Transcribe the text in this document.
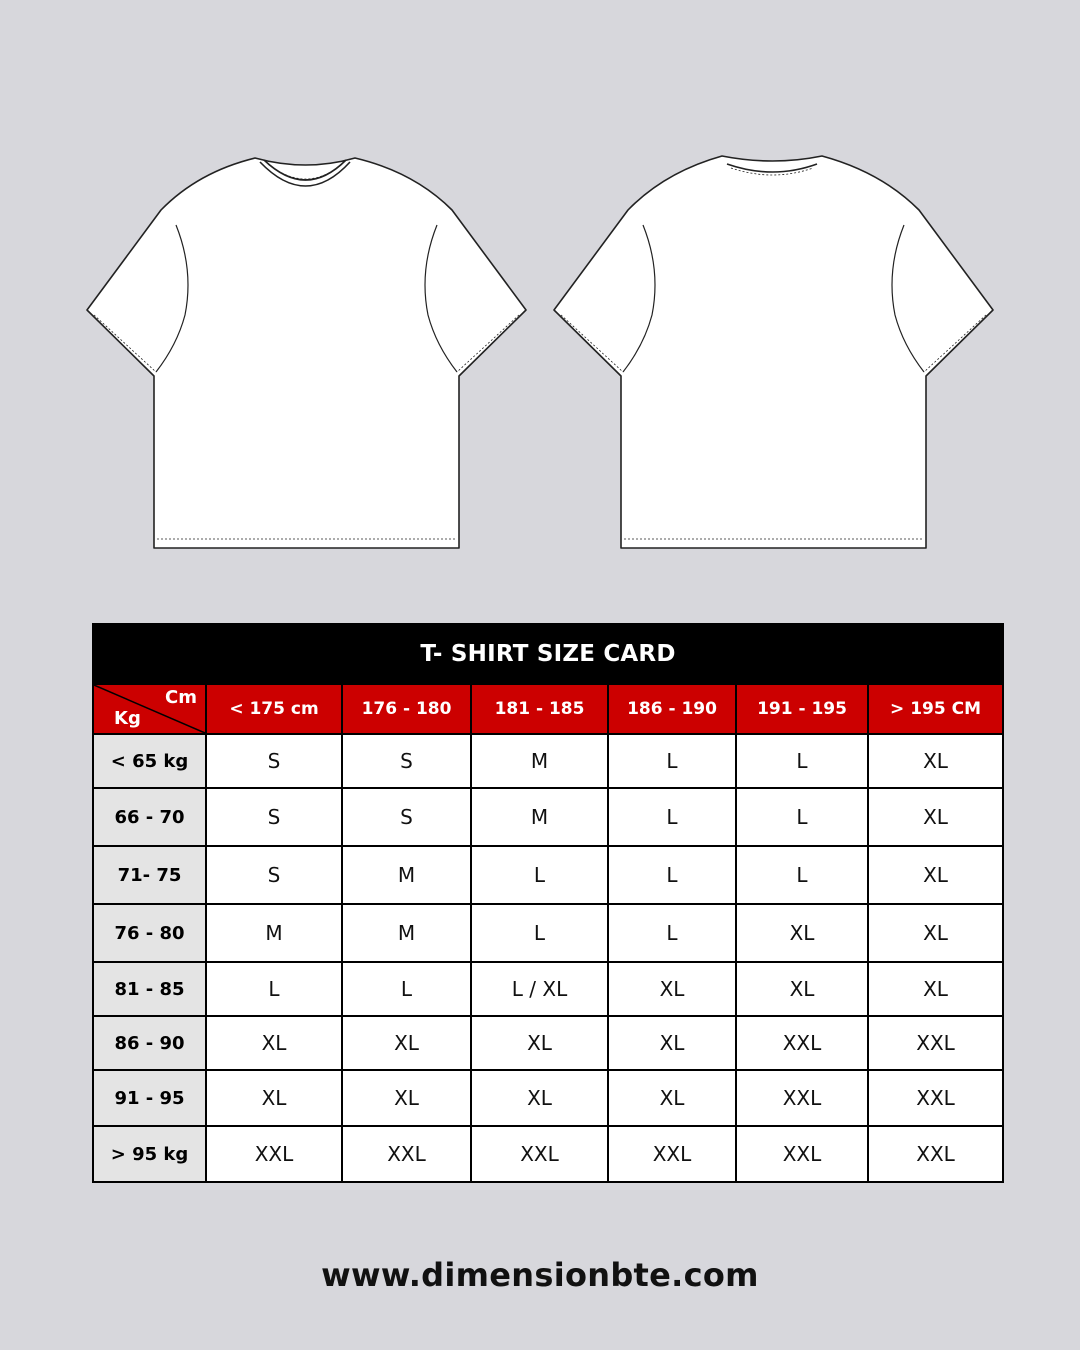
T- SHIRT SIZE CARD						

Cm
Kg	< 175 cm	176 - 180	181 - 185	186 - 190	191 - 195	> 195 CM
< 65 kg	S	S	M	L	L	XL
66 - 70	S	S	M	L	L	XL
71- 75	S	M	L	L	L	XL
76 - 80	M	M	L	L	XL	XL
81 - 85	L	L	L / XL	XL	XL	XL
86 - 90	XL	XL	XL	XL	XXL	XXL
91 - 95	XL	XL	XL	XL	XXL	XXL
> 95 kg	XXL	XXL	XXL	XXL	XXL	XXL
www.dimensionbte.com
